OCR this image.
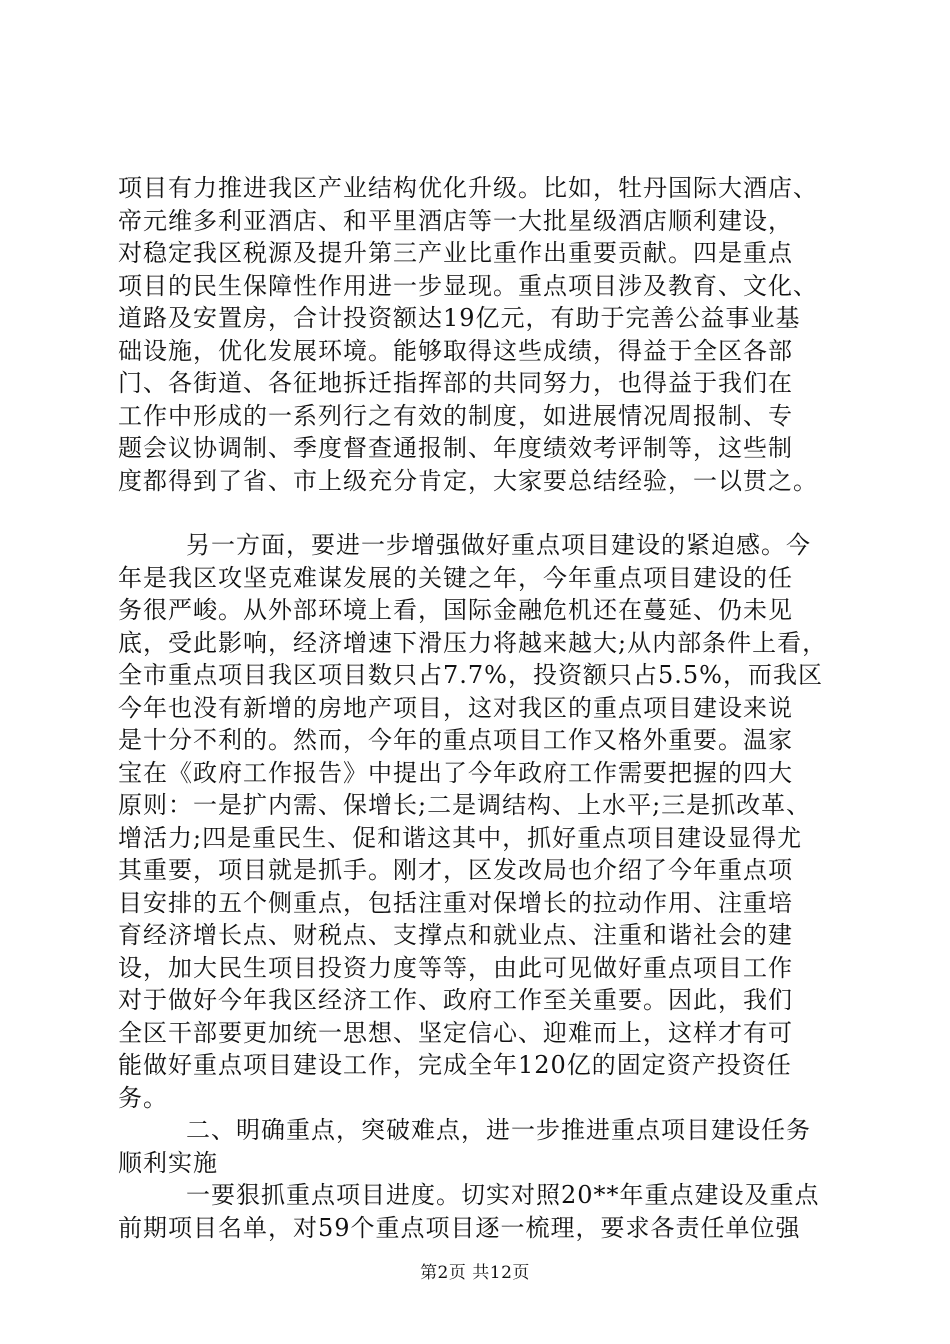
项目有力推进我区产业结构优化升级。比如，牡丹国际大酒店、
帝元维多利亚酒店、和平里酒店等一大批星级酒店顺利建设，
对稳定我区税源及提升第三产业比重作出重要贡献。四是重点
项目的民生保障性作用进一步显现。重点项目涉及教育、文化、
道路及安置房，合计投资额达19亿元，有助于完善公益事业基
础设施，优化发展环境。能够取得这些成绩，得益于全区各部
门、各街道、各征地拆迁指挥部的共同努力，也得益于我们在
工作中形成的一系列行之有效的制度，如进展情况周报制、专
题会议协调制、季度督查通报制、年度绩效考评制等，这些制
度都得到了省、市上级充分肯定，大家要总结经验，一以贯之。

另一方面，要进一步增强做好重点项目建设的紧迫感。今
年是我区攻坚克难谋发展的关键之年，今年重点项目建设的任
务很严峻。从外部环境上看，国际金融危机还在蔓延、仍未见
底，受此影响，经济增速下滑压力将越来越大;从内部条件上看，
全市重点项目我区项目数只占7.7%，投资额只占5.5%，而我区
今年也没有新增的房地产项目，这对我区的重点项目建设来说
是十分不利的。然而，今年的重点项目工作又格外重要。温家
宝在《政府工作报告》中提出了今年政府工作需要把握的四大
原则：一是扩内需、保增长;二是调结构、上水平;三是抓改革、
增活力;四是重民生、促和谐这其中，抓好重点项目建设显得尤
其重要，项目就是抓手。刚才，区发改局也介绍了今年重点项
目安排的五个侧重点，包括注重对保增长的拉动作用、注重培
育经济增长点、财税点、支撑点和就业点、注重和谐社会的建
设，加大民生项目投资力度等等，由此可见做好重点项目工作
对于做好今年我区经济工作、政府工作至关重要。因此，我们
全区干部要更加统一思想、坚定信心、迎难而上，这样才有可
能做好重点项目建设工作，完成全年120亿的固定资产投资任
务。

二、明确重点，突破难点，进一步推进重点项目建设任务
顺利实施

一要狠抓重点项目进度。切实对照20**年重点建设及重点
前期项目名单，对59个重点项目逐一梳理，要求各责任单位强

第2页 共12页
